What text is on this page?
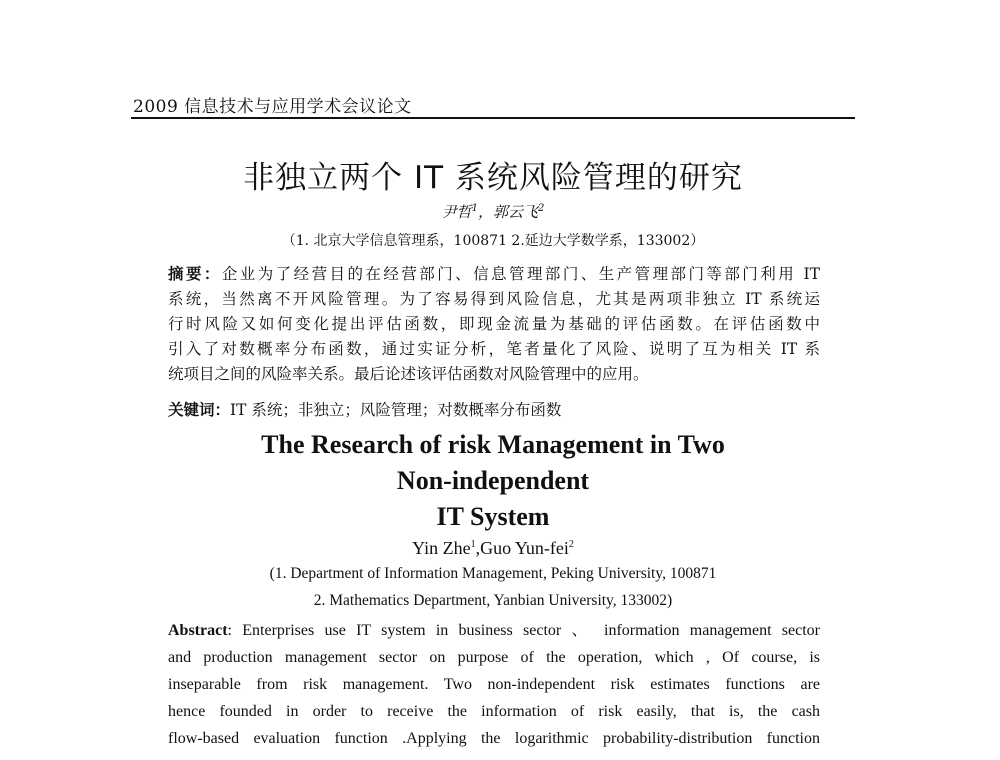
2009 信息技术与应用学术会议论文
非独立两个 IT 系统风险管理的研究
尹哲$^1$，郭云飞$^2$
（1. 北京大学信息管理系，100871 2.延边大学数学系，133002）
摘要：企业为了经营目的在经营部门、信息管理部门、生产管理部门等部门利用 IT
系统，当然离不开风险管理。为了容易得到风险信息，尤其是两项非独立 IT 系统运
行时风险又如何变化提出评估函数，即现金流量为基础的评估函数。在评估函数中
引入了对数概率分布函数，通过实证分析，笔者量化了风险、说明了互为相关 IT 系
统项目之间的风险率关系。最后论述该评估函数对风险管理中的应用。
关键词：IT 系统；非独立；风险管理；对数概率分布函数
The Research of risk Management in Two
Non-independent
IT System
Yin Zhe$^1$,Guo Yun-fei$^2$
(1. Department of Information Management, Peking University, 100871
2. Mathematics Department, Yanbian University, 133002)
Abstract: Enterprises use IT system in business sector 、 information management sector
and production management sector on purpose of the operation, which , Of course, is
inseparable from risk management. Two non-independent risk estimates functions are
hence founded in order to receive the information of risk easily, that is, the cash
flow-based evaluation function .Applying the logarithmic probability-distribution function
